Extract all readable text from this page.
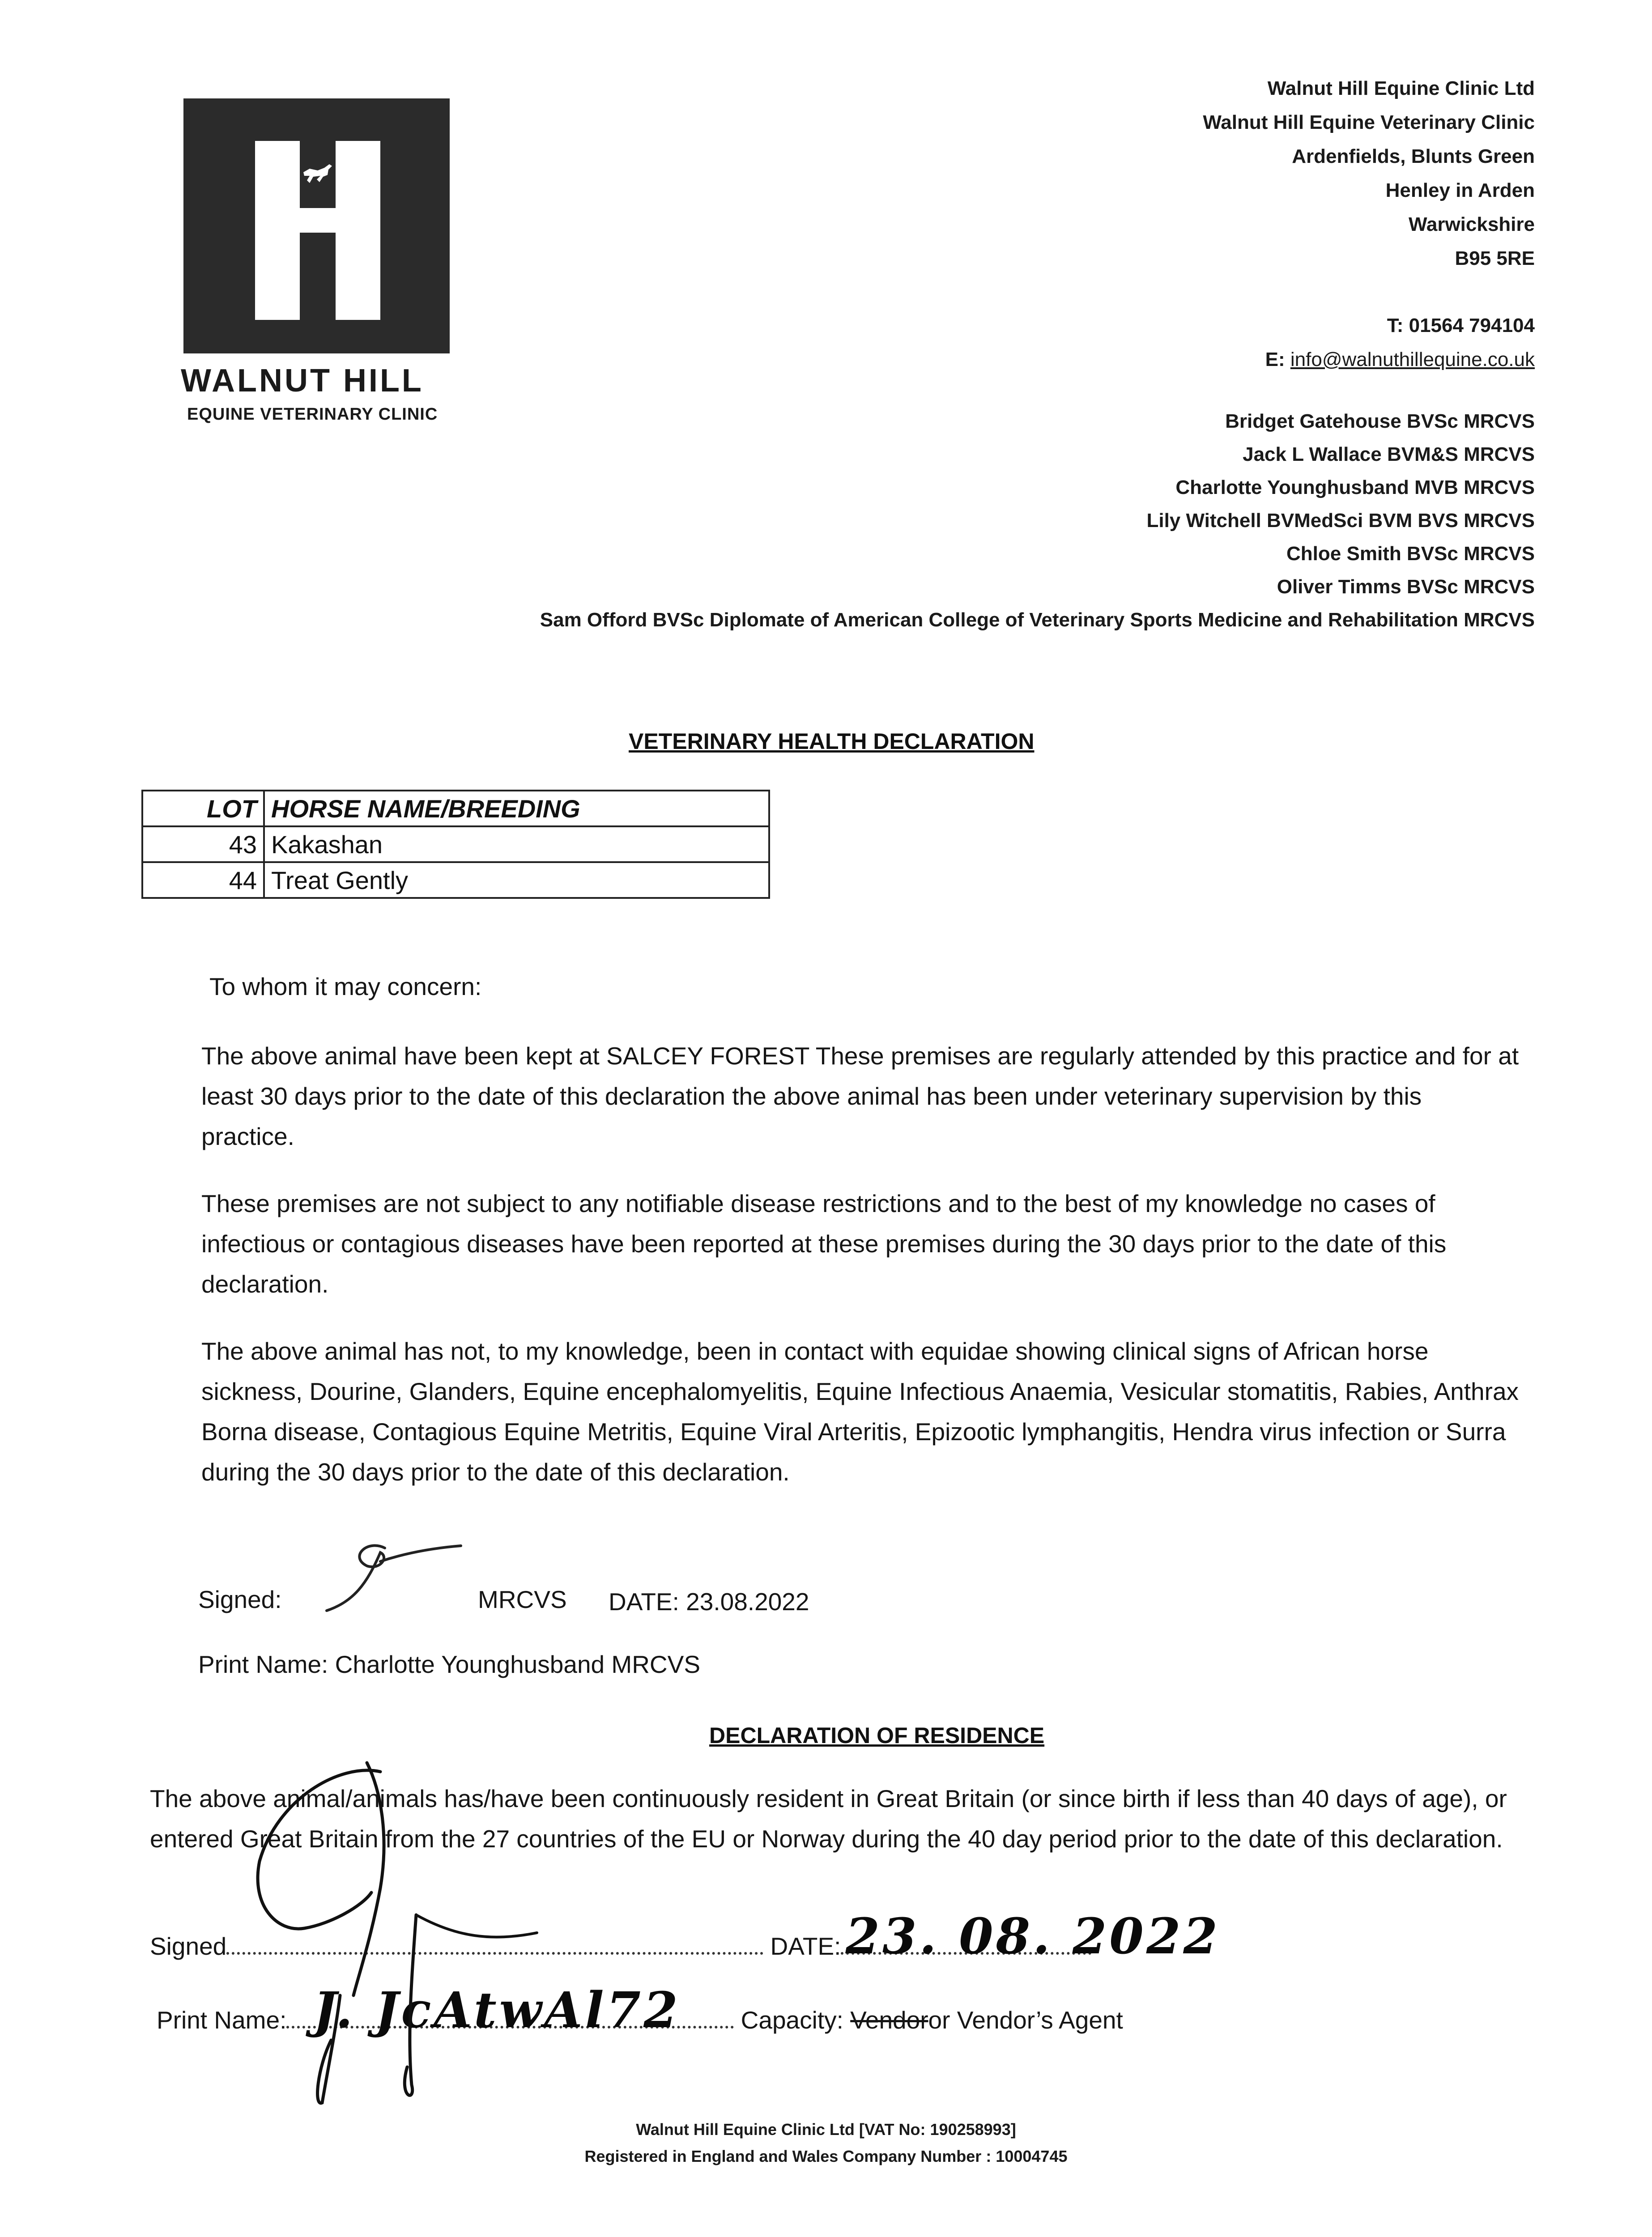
WALNUT HILL
EQUINE VETERINARY CLINIC
Walnut Hill Equine Clinic Ltd
Walnut Hill Equine Veterinary Clinic
Ardenfields, Blunts Green
Henley in Arden
Warwickshire
B95 5RE
T: 01564 794104
E: info@walnuthillequine.co.uk
Bridget Gatehouse BVSc MRCVS
Jack L Wallace BVM&S MRCVS
Charlotte Younghusband MVB MRCVS
Lily Witchell BVMedSci BVM BVS MRCVS
Chloe Smith BVSc MRCVS
Oliver Timms BVSc MRCVS
Sam Offord BVSc Diplomate of American College of Veterinary Sports Medicine and Rehabilitation MRCVS
VETERINARY HEALTH DECLARATION
LOT	HORSE NAME/BREEDING
43	Kakashan
44	Treat Gently
To whom it may concern:
The above animal have been kept at SALCEY FOREST These premises are regularly attended by this practice and for at least 30 days prior to the date of this declaration the above animal has been under veterinary supervision by this practice.
These premises are not subject to any notifiable disease restrictions and to the best of my knowledge no cases of infectious or contagious diseases have been reported at these premises during the 30 days prior to the date of this declaration.
The above animal has not, to my knowledge, been in contact with equidae showing clinical signs of African horse sickness, Dourine, Glanders, Equine encephalomyelitis, Equine Infectious Anaemia, Vesicular stomatitis, Rabies, Anthrax Borna disease, Contagious Equine Metritis, Equine Viral Arteritis, Epizootic lymphangitis, Hendra virus infection or Surra during the 30 days prior to the date of this declaration.
Signed:	MRCVS DATE: 23.08.2022
Print Name: Charlotte Younghusband MRCVS
DECLARATION OF RESIDENCE
The above animal/animals has/have been continuously resident in Great Britain (or since birth if less than 40 days of age), or entered Great Britain from the 27 countries of the EU or Norway during the 40 day period prior to the date of this declaration.
Signed	DATE: 23. 08. 2022
Print Name: J. JcAtwAl72 Capacity: Vendoror Vendor’s Agent
Walnut Hill Equine Clinic Ltd [VAT No: 190258993]
Registered in England and Wales Company Number : 10004745
